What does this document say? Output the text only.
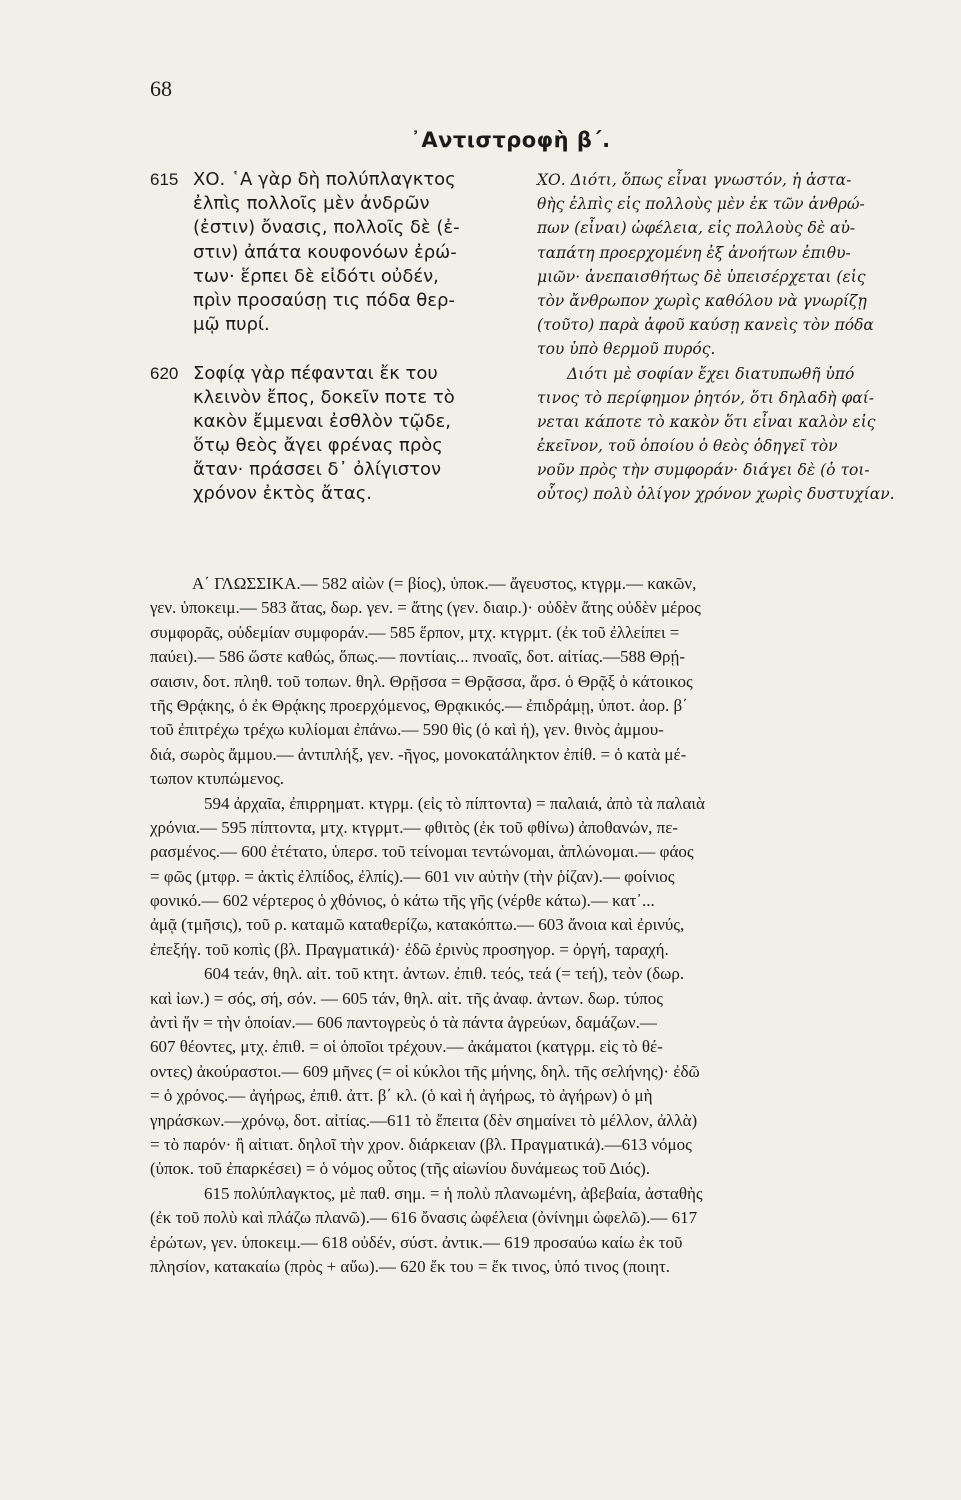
68
᾿Αντιστροφὴ β΄.
615 ΧΟ. ῾Α γὰρ δὴ πολύπλαγκτος
ἐλπὶς πολλοῖς μὲν ἀνδρῶν
(ἐστιν) ὄνασις, πολλοῖς δὲ (ἐ-
στιν) ἀπάτα κουφονόων ἐρώ-
των· ἕρπει δὲ εἰδότι οὐδέν,
πρὶν προσαύσῃ τις πόδα θερ-
μῷ πυρί.
620 Σοφίᾳ γὰρ πέφανται ἔκ του
κλεινὸν ἔπος, δοκεῖν ποτε τὸ
κακὸν ἔμμεναι ἐσθλὸν τῷδε,
ὅτῳ θεὸς ἄγει φρένας πρὸς
ἄταν· πράσσει δ᾿ ὀλίγιστον
χρόνον ἐκτὸς ἄτας.
ΧΟ. Διότι, ὅπως εἶναι γνωστόν, ἡ ἀστα-
θὴς ἐλπὶς εἰς πολλοὺς μὲν ἐκ τῶν ἀνθρώ-
πων (εἶναι) ὠφέλεια, εἰς πολλοὺς δὲ αὐ-
ταπάτη προερχομένη ἐξ ἀνοήτων ἐπιθυ-
μιῶν· ἀνεπαισθήτως δὲ ὑπεισέρχεται (εἰς
τὸν ἄνθρωπον χωρὶς καθόλου νὰ γνωρίζῃ
(τοῦτο) παρὰ ἀφοῦ καύσῃ κανεὶς τὸν πόδα
του ὑπὸ θερμοῦ πυρός.
Διότι μὲ σοφίαν ἔχει διατυπωθῆ ὑπό
τινος τὸ περίφημον ῥητόν, ὅτι δηλαδὴ φαί-
νεται κάποτε τὸ κακὸν ὅτι εἶναι καλὸν εἰς
ἐκεῖνον, τοῦ ὁποίου ὁ θεὸς ὁδηγεῖ τὸν
νοῦν πρὸς τὴν συμφοράν· διάγει δὲ (ὁ τοι-
οὗτος) πολὺ ὀλίγον χρόνον χωρὶς δυστυχίαν.
Α΄ ΓΛΩΣΣΙΚΑ.— 582 αἰὼν (= βίος), ὑποκ.— ἄγευστος, κτγρμ.— κακῶν,
γεν. ὑποκειμ.— 583 ἄτας, δωρ. γεν. = ἄτης (γεν. διαιρ.)· οὐδὲν ἄτης οὐδὲν μέρος
συμφορᾶς, οὐδεμίαν συμφοράν.— 585 ἕρπον, μτχ. κτγρμτ. (ἐκ τοῦ ἐλλείπει =
παύει).— 586 ὥστε καθώς, ὅπως.— ποντίαις... πνοαῖς, δοτ. αἰτίας.—588 Θρῄ-
σαισιν, δοτ. πληθ. τοῦ τοπων. θηλ. Θρῇσσα = Θρᾷσσα, ἄρσ. ὁ Θρᾷξ ὁ κάτοικος
τῆς Θρᾴκης, ὁ ἐκ Θρᾴκης προερχόμενος, Θρᾳκικός.— ἐπιδράμῃ, ὑποτ. ἀορ. β΄
τοῦ ἐπιτρέχω τρέχω κυλίομαι ἐπάνω.— 590 θὶς (ὁ καὶ ἡ), γεν. θινὸς ἀμμου-
διά, σωρὸς ἄμμου.— ἀντιπλήξ, γεν. -ῆγος, μονοκατάληκτον ἐπίθ. = ὁ κατὰ μέ-
τωπον κτυπώμενος.
594 ἀρχαῖα, ἐπιρρηματ. κτγρμ. (εἰς τὸ πίπτοντα) = παλαιά, ἀπὸ τὰ παλαιὰ
χρόνια.— 595 πίπτοντα, μτχ. κτγρμτ.— φθιτὸς (ἐκ τοῦ φθίνω) ἀποθανών, πε-
ρασμένος.— 600 ἐτέτατο, ὑπερσ. τοῦ τείνομαι τεντώνομαι, ἁπλώνομαι.— φάος
= φῶς (μτφρ. = ἀκτὶς ἐλπίδος, ἐλπίς).— 601 νιν αὐτὴν (τὴν ῥίζαν).— φοίνιος
φονικό.— 602 νέρτερος ὁ χθόνιος, ὁ κάτω τῆς γῆς (νέρθε κάτω).— κατ᾿...
ἀμᾷ (τμῆσις), τοῦ ρ. καταμῶ καταθερίζω, κατακόπτω.— 603 ἄνοια καὶ ἐρινύς,
ἐπεξήγ. τοῦ κοπὶς (βλ. Πραγματικά)· ἐδῶ ἐρινὺς προσηγορ. = ὀργή, ταραχή.
604 τεάν, θηλ. αἰτ. τοῦ κτητ. ἀντων. ἐπιθ. τεός, τεά (= τεή), τεὸν (δωρ.
καὶ ἰων.) = σός, σή, σόν. — 605 τάν, θηλ. αἰτ. τῆς ἀναφ. ἀντων. δωρ. τύπος
ἀντὶ ἥν = τὴν ὁποίαν.— 606 παντογρεὺς ὁ τὰ πάντα ἀγρεύων, δαμάζων.—
607 θέοντες, μτχ. ἐπιθ. = οἱ ὁποῖοι τρέχουν.— ἀκάματοι (κατγρμ. εἰς τὸ θέ-
οντες) ἀκούραστοι.— 609 μῆνες (= οἱ κύκλοι τῆς μήνης, δηλ. τῆς σελήνης)· ἐδῶ
= ὁ χρόνος.— ἀγήρως, ἐπιθ. ἀττ. β΄ κλ. (ὁ καὶ ἡ ἀγήρως, τὸ ἀγήρων) ὁ μὴ
γηράσκων.—χρόνῳ, δοτ. αἰτίας.—611 τὸ ἔπειτα (δὲν σημαίνει τὸ μέλλον, ἀλλὰ)
= τὸ παρόν· ἢ αἰτιατ. δηλοῖ τὴν χρον. διάρκειαν (βλ. Πραγματικά).—613 νόμος
(ὑποκ. τοῦ ἐπαρκέσει) = ὁ νόμος οὗτος (τῆς αἰωνίου δυνάμεως τοῦ Διός).
615 πολύπλαγκτος, μὲ παθ. σημ. = ἡ πολὺ πλανωμένη, ἀβεβαία, ἀσταθὴς
(ἐκ τοῦ πολὺ καὶ πλάζω πλανῶ).— 616 ὄνασις ὠφέλεια (ὀνίνημι ὠφελῶ).— 617
ἐρώτων, γεν. ὑποκειμ.— 618 οὐδέν, σύστ. ἀντικ.— 619 προσαύω καίω ἐκ τοῦ
πλησίον, κατακαίω (πρὸς + αὔω).— 620 ἔκ του = ἔκ τινος, ὑπό τινος (ποιητ.
